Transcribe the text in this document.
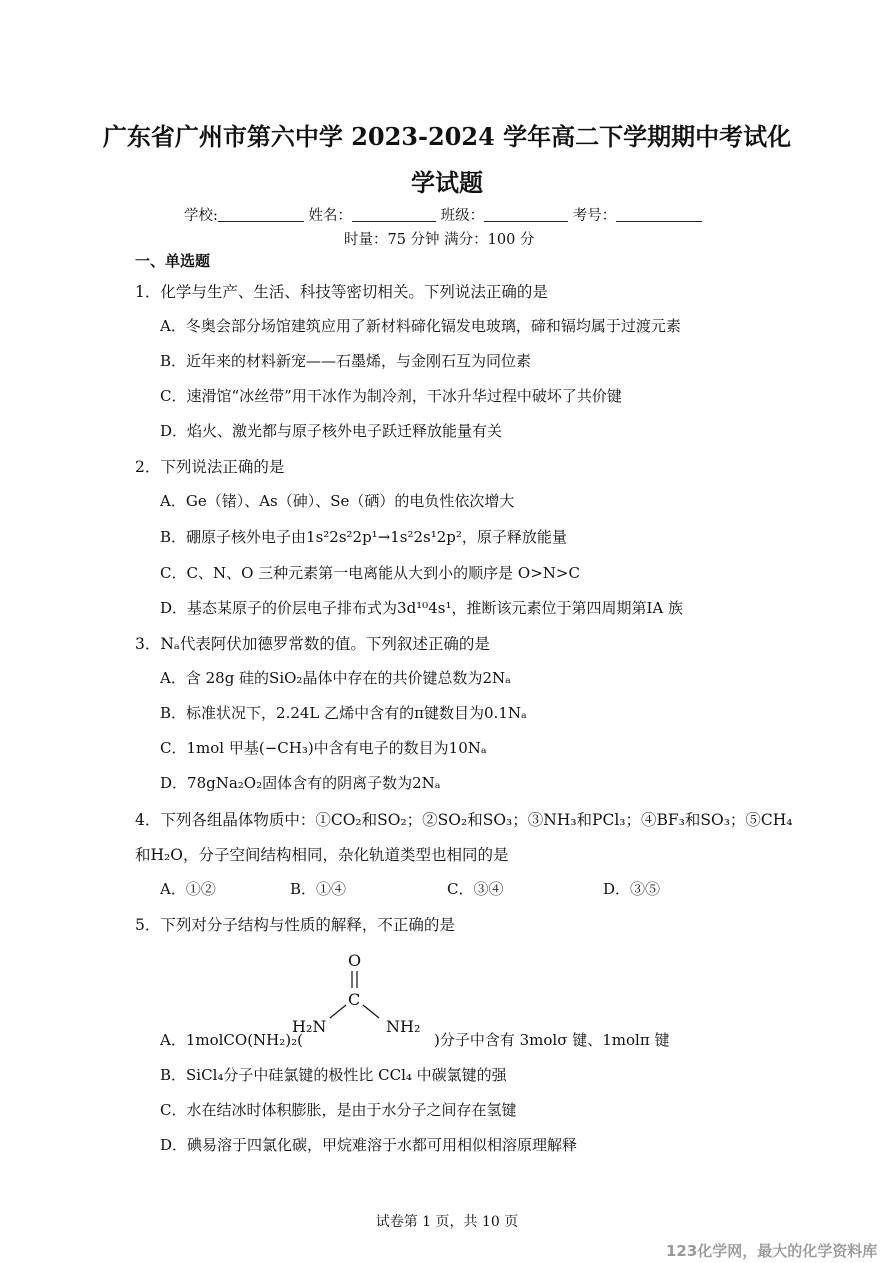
广东省广州市第六中学 2023-2024 学年高二下学期期中考试化
学试题
学校:	姓名：	班级：	考号：
时量：75 分钟 满分：100 分
一、单选题
1．化学与生产、生活、科技等密切相关。下列说法正确的是
A．冬奥会部分场馆建筑应用了新材料碲化镉发电玻璃，碲和镉均属于过渡元素
B．近年来的材料新宠——石墨烯，与金刚石互为同位素
C．速滑馆“冰丝带”用干冰作为制冷剂，干冰升华过程中破坏了共价键
D．焰火、激光都与原子核外电子跃迁释放能量有关
2．下列说法正确的是
A．Ge（锗）、As（砷）、Se（硒）的电负性依次增大
B．硼原子核外电子由1s²2s²2p¹→1s²2s¹2p²，原子释放能量
C．C、N、O 三种元素第一电离能从大到小的顺序是 O>N>C
D．基态某原子的价层电子排布式为3d¹⁰4s¹，推断该元素位于第四周期第ⅠA 族
3．Nₐ代表阿伏加德罗常数的值。下列叙述正确的是
A．含 28g 硅的SiO₂晶体中存在的共价键总数为2Nₐ
B．标准状况下，2.24L 乙烯中含有的π键数目为0.1Nₐ
C．1mol 甲基(−CH₃)中含有电子的数目为10Nₐ
D．78gNa₂O₂固体含有的阴离子数为2Nₐ
4．下列各组晶体物质中：①CO₂和SO₂；②SO₂和SO₃；③NH₃和PCl₃；④BF₃和SO₃；⑤CH₄
和H₂O，分子空间结构相同，杂化轨道类型也相同的是
A．①②	B．①④	C．③④	D．③⑤
5．下列对分子结构与性质的解释，不正确的是
O
C
H₂N	NH₂
A．1molCO(NH₂)₂(	)分子中含有 3molσ 键、1molπ 键
B．SiCl₄分子中硅氯键的极性比 CCl₄ 中碳氯键的强
C．水在结冰时体积膨胀，是由于水分子之间存在氢键
D．碘易溶于四氯化碳，甲烷难溶于水都可用相似相溶原理解释
试卷第 1 页，共 10 页
123化学网，最大的化学资料库
